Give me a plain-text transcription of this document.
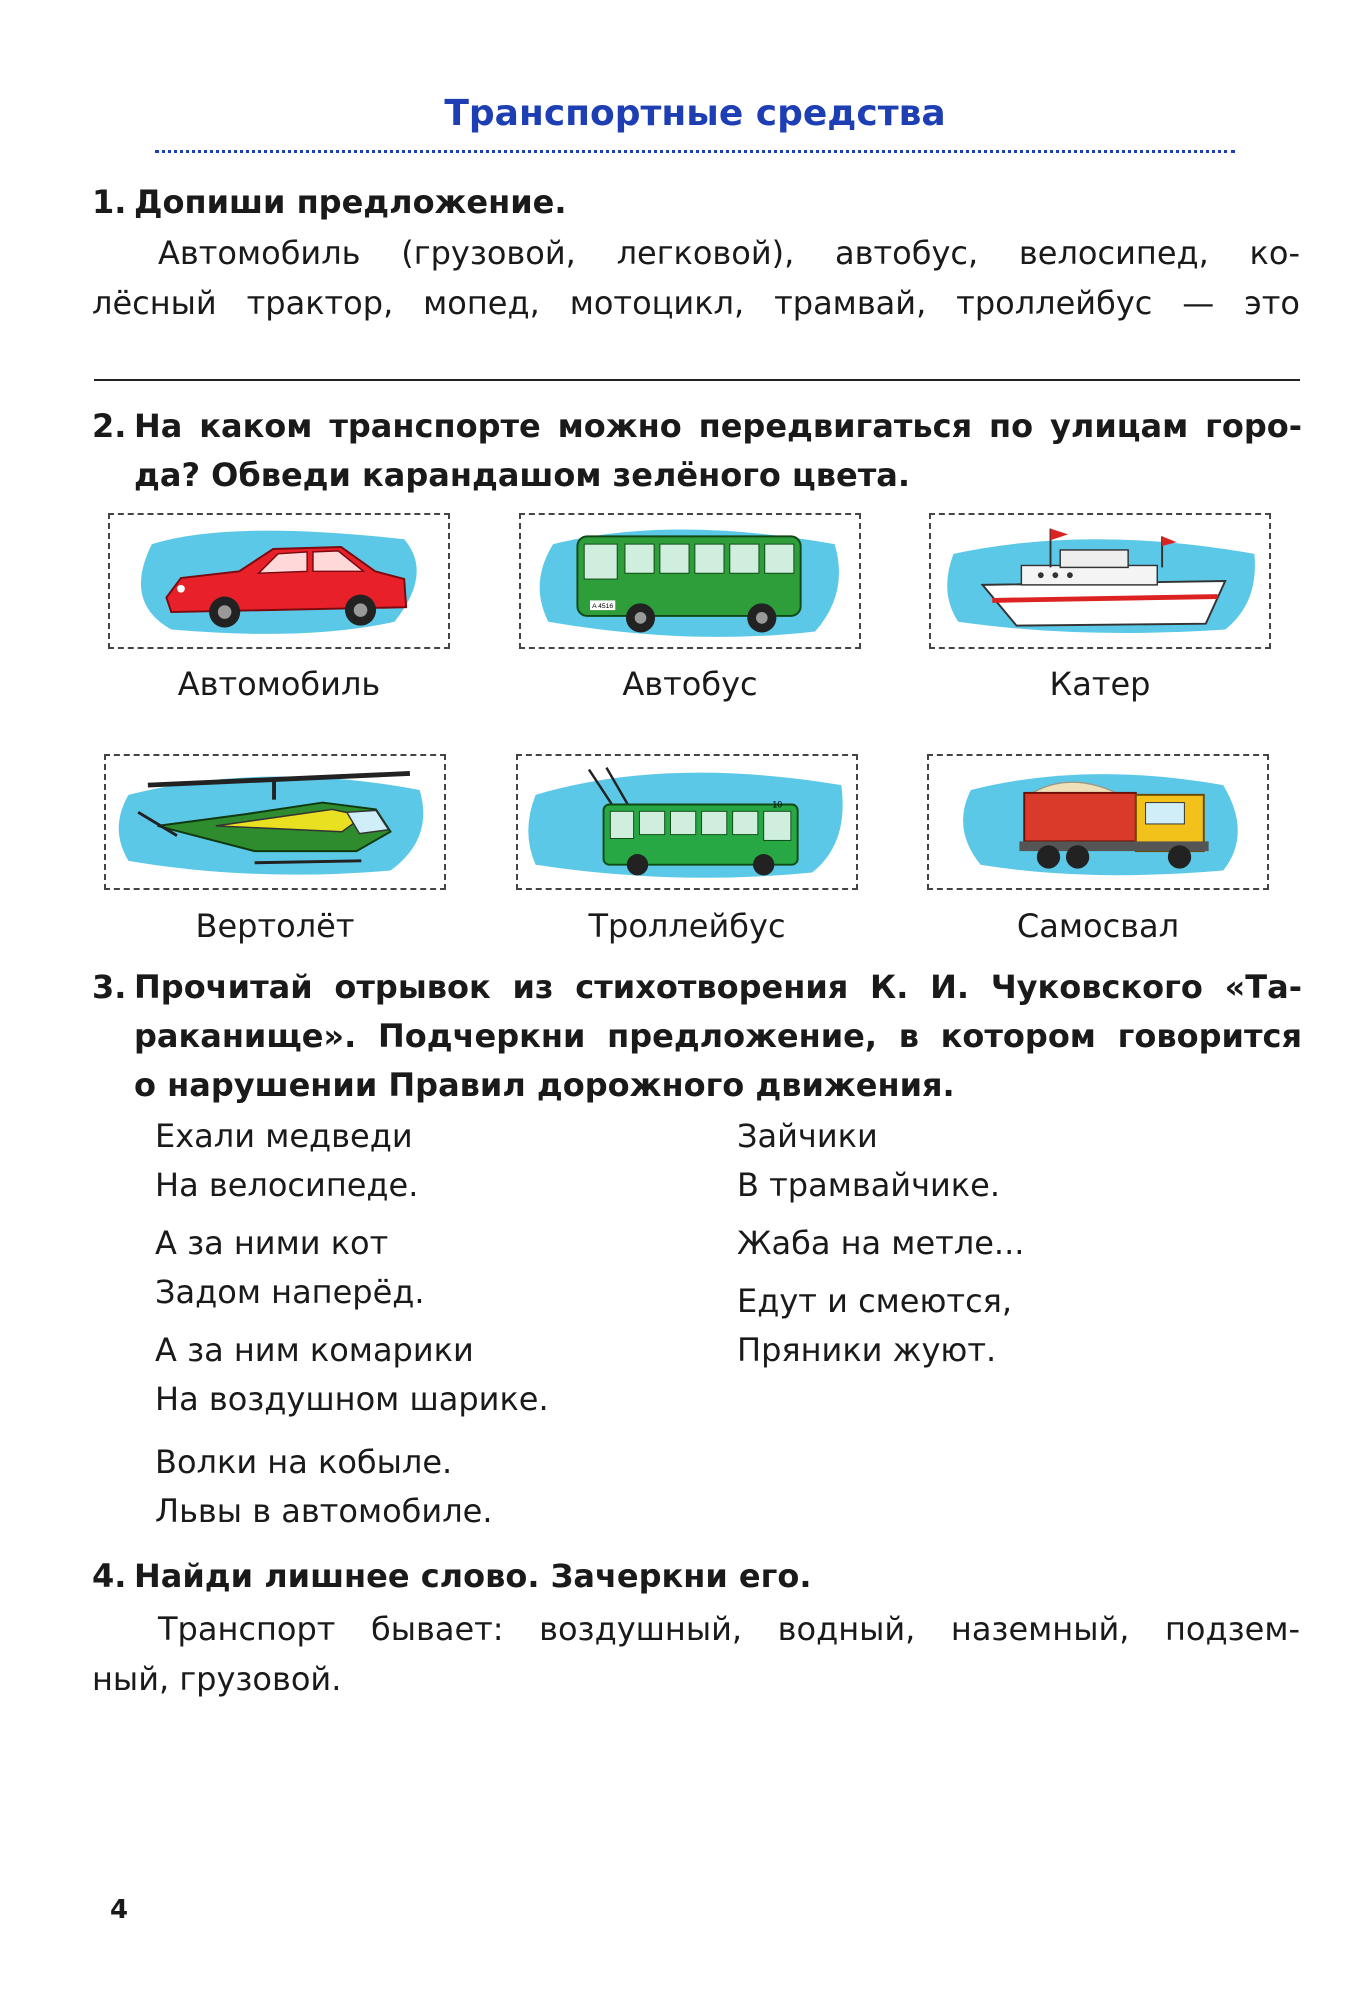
Транспортные средства
1. Допиши предложение.
Автомобиль (грузовой, легковой), автобус, велосипед, ко-
лёсный трактор, мопед, мотоцикл, трамвай, троллейбус — это
2. На каком транспорте можно передвигаться по улицам горо-
да? Обведи карандашом зелёного цвета.
A 4516
Автомобиль	Автобус	Катер
10
Вертолёт	Троллейбус	Самосвал
3. Прочитай отрывок из стихотворения К. И. Чуковского «Та-
раканище». Подчеркни предложение, в котором говорится
о нарушении Правил дорожного движения.
Ехали медведи
На велосипеде.
А за ними кот
Задом наперёд.
А за ним комарики
На воздушном шарике.
Волки на кобыле.
Львы в автомобиле.
Зайчики
В трамвайчике.
Жаба на метле...
Едут и смеются,
Пряники жуют.
4. Найди лишнее слово. Зачеркни его.
Транспорт бывает: воздушный, водный, наземный, подзем-
ный, грузовой.
4
